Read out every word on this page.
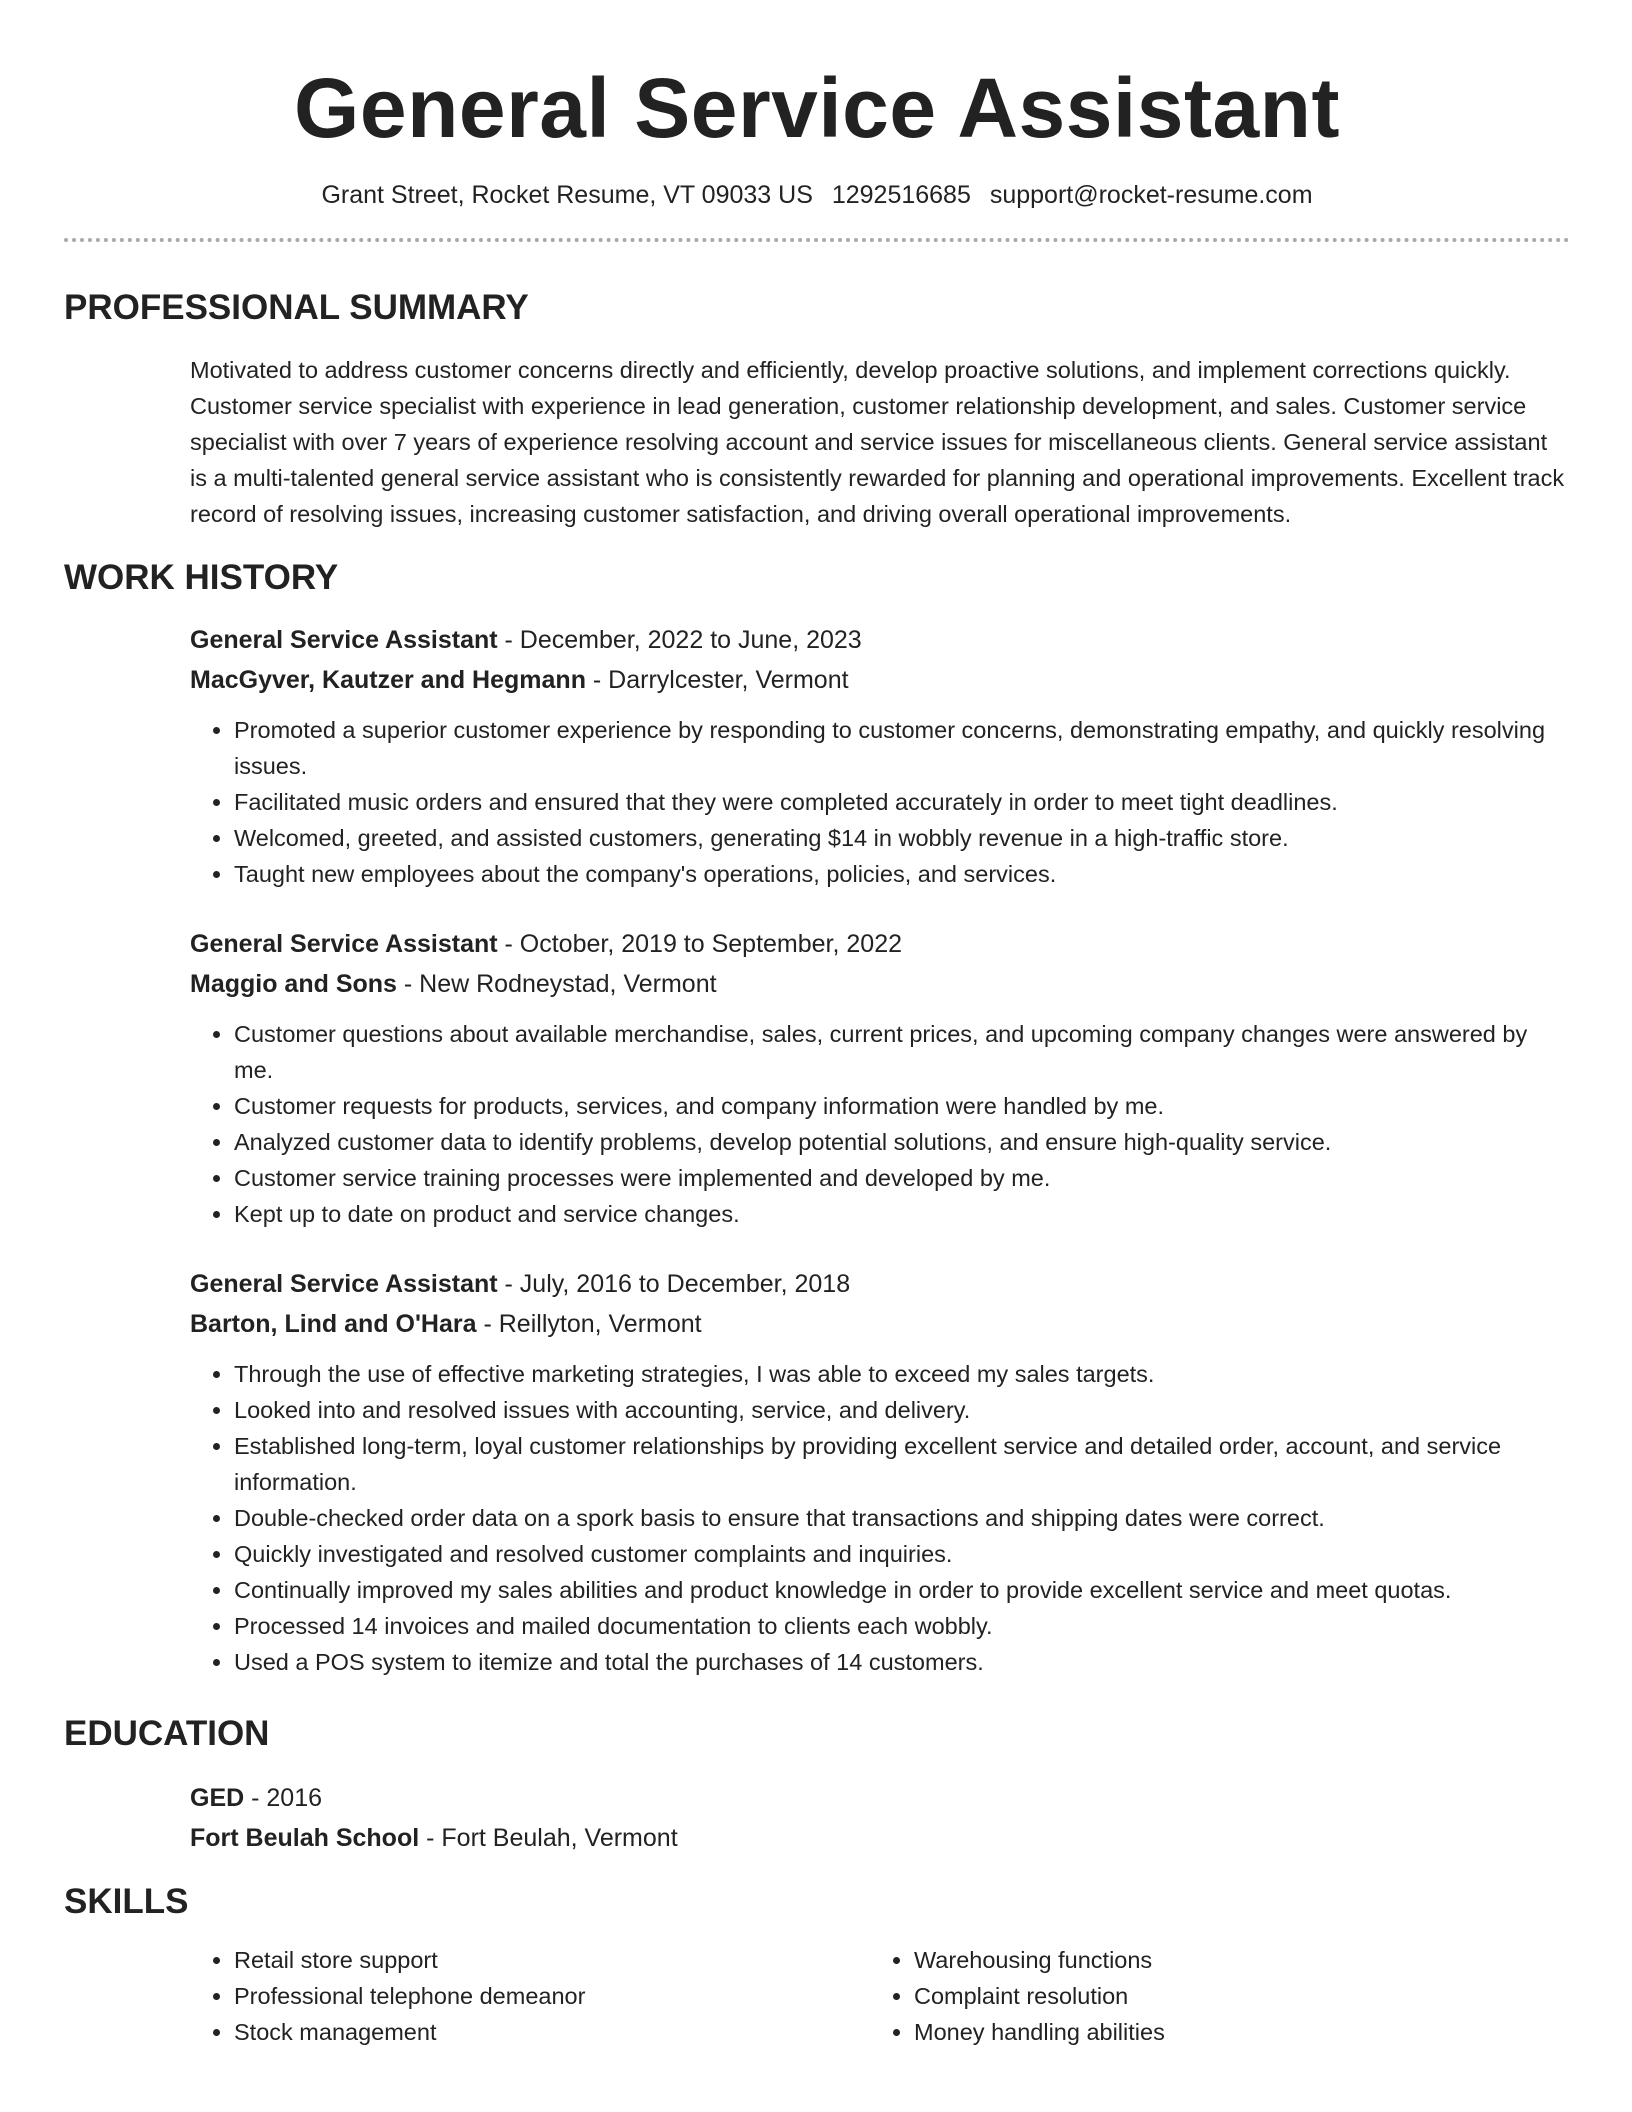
General Service Assistant
Grant Street, Rocket Resume, VT 09033 US 1292516685 support@rocket-resume.com
PROFESSIONAL SUMMARY
Motivated to address customer concerns directly and efficiently, develop proactive solutions, and implement corrections quickly. Customer service specialist with experience in lead generation, customer relationship development, and sales. Customer service specialist with over 7 years of experience resolving account and service issues for miscellaneous clients. General service assistant is a multi-talented general service assistant who is consistently rewarded for planning and operational improvements. Excellent track record of resolving issues, increasing customer satisfaction, and driving overall operational improvements.
WORK HISTORY
General Service Assistant - December, 2022 to June, 2023
MacGyver, Kautzer and Hegmann - Darrylcester, Vermont
• Promoted a superior customer experience by responding to customer concerns, demonstrating empathy, and quickly resolving issues.
• Facilitated music orders and ensured that they were completed accurately in order to meet tight deadlines.
• Welcomed, greeted, and assisted customers, generating $14 in wobbly revenue in a high-traffic store.
• Taught new employees about the company's operations, policies, and services.
General Service Assistant - October, 2019 to September, 2022
Maggio and Sons - New Rodneystad, Vermont
• Customer questions about available merchandise, sales, current prices, and upcoming company changes were answered by me.
• Customer requests for products, services, and company information were handled by me.
• Analyzed customer data to identify problems, develop potential solutions, and ensure high-quality service.
• Customer service training processes were implemented and developed by me.
• Kept up to date on product and service changes.
General Service Assistant - July, 2016 to December, 2018
Barton, Lind and O'Hara - Reillyton, Vermont
• Through the use of effective marketing strategies, I was able to exceed my sales targets.
• Looked into and resolved issues with accounting, service, and delivery.
• Established long-term, loyal customer relationships by providing excellent service and detailed order, account, and service information.
• Double-checked order data on a spork basis to ensure that transactions and shipping dates were correct.
• Quickly investigated and resolved customer complaints and inquiries.
• Continually improved my sales abilities and product knowledge in order to provide excellent service and meet quotas.
• Processed 14 invoices and mailed documentation to clients each wobbly.
• Used a POS system to itemize and total the purchases of 14 customers.
EDUCATION
GED - 2016
Fort Beulah School - Fort Beulah, Vermont
SKILLS
• Retail store support
• Professional telephone demeanor
• Stock management
• Warehousing functions
• Complaint resolution
• Money handling abilities
